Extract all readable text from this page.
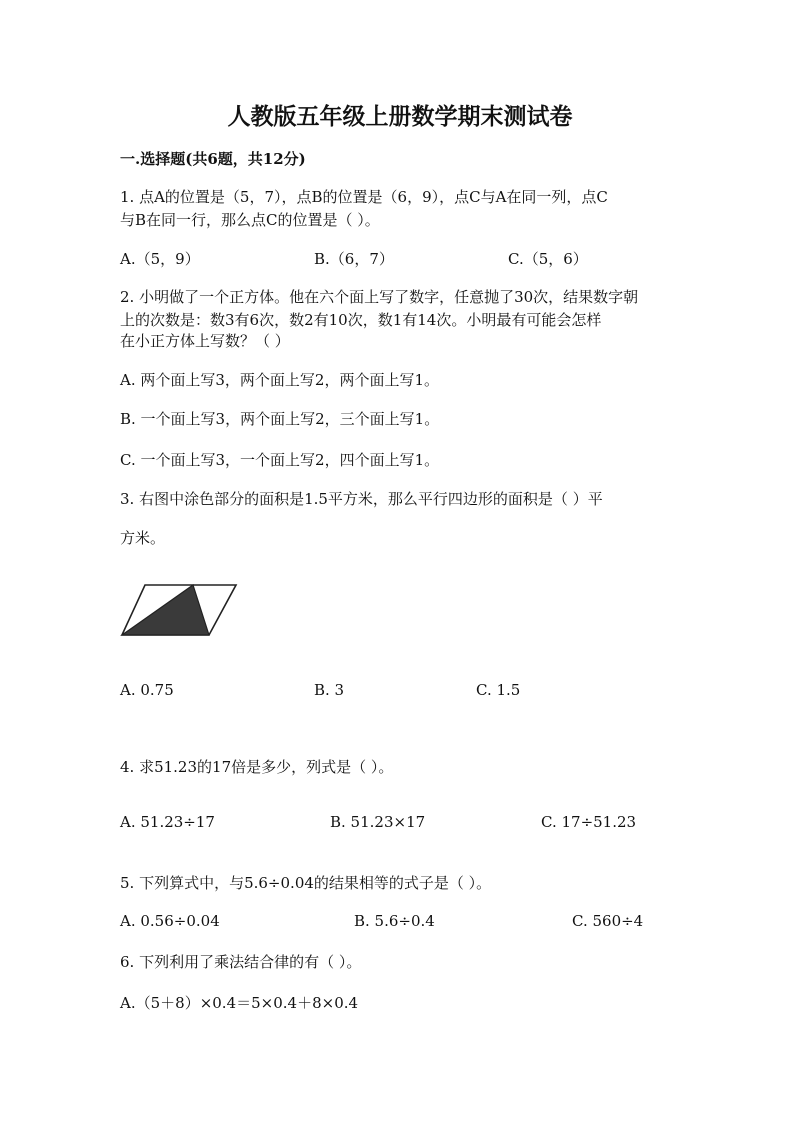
人教版五年级上册数学期末测试卷
一.选择题(共6题，共12分)
1. 点A的位置是（5，7），点B的位置是（6，9），点C与A在同一列，点C
与B在同一行，那么点C的位置是（ ）。
A.（5，9）	B.（6，7）	C.（5，6）
2. 小明做了一个正方体。他在六个面上写了数字，任意抛了30次，结果数字朝
上的次数是：数3有6次，数2有10次，数1有14次。小明最有可能会怎样
在小正方体上写数？（ ）
A. 两个面上写3，两个面上写2，两个面上写1。
B. 一个面上写3，两个面上写2，三个面上写1。
C. 一个面上写3，一个面上写2，四个面上写1。
3. 右图中涂色部分的面积是1.5平方米，那么平行四边形的面积是（ ）平
方米。
A. 0.75	B. 3	C. 1.5
4. 求51.23的17倍是多少，列式是（ ）。
A. 51.23÷17	B. 51.23×17	C. 17÷51.23
5. 下列算式中，与5.6÷0.04的结果相等的式子是（ ）。
A. 0.56÷0.04	B. 5.6÷0.4	C. 560÷4
6. 下列利用了乘法结合律的有（ ）。
A.（5＋8）×0.4＝5×0.4＋8×0.4
